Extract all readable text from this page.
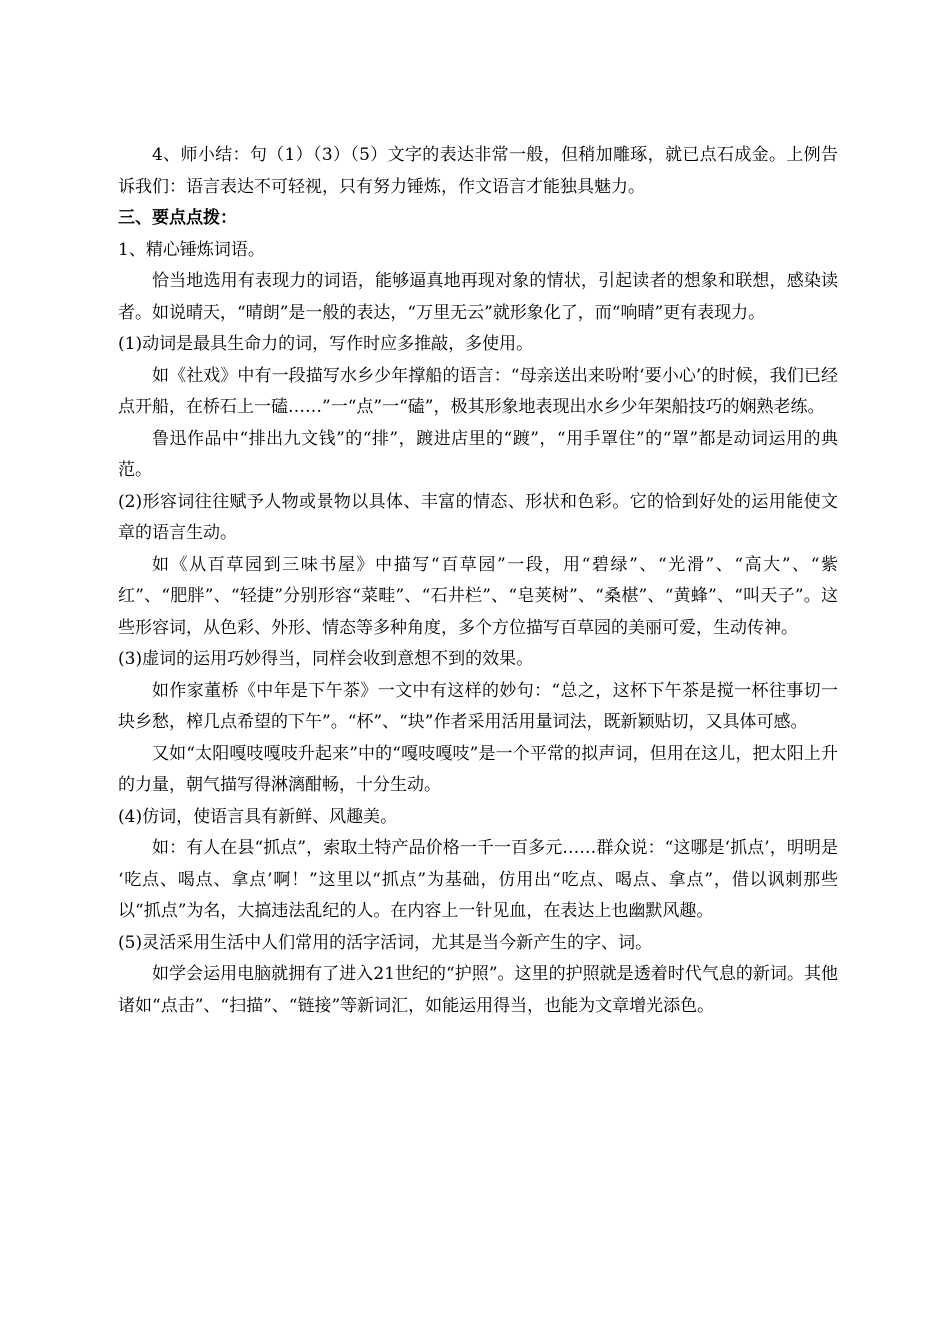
4、师小结：句（1）（3）（5）文字的表达非常一般，但稍加雕琢，就已点石成金。上例告诉我们：语言表达不可轻视，只有努力锤炼，作文语言才能独具魅力。

三、要点点拨：

1、精心锤炼词语。

恰当地选用有表现力的词语，能够逼真地再现对象的情状，引起读者的想象和联想，感染读者。如说晴天，“晴朗”是一般的表达，“万里无云”就形象化了，而“响晴”更有表现力。

(1)动词是最具生命力的词，写作时应多推敲，多使用。

如《社戏》中有一段描写水乡少年撑船的语言：“母亲送出来吩咐‘要小心’的时候，我们已经点开船，在桥石上一磕……”一“点”一“磕”，极其形象地表现出水乡少年架船技巧的娴熟老练。

鲁迅作品中“排出九文钱”的“排”，踱进店里的“踱”，“用手罩住”的“罩”都是动词运用的典范。

(2)形容词往往赋予人物或景物以具体、丰富的情态、形状和色彩。它的恰到好处的运用能使文章的语言生动。

如《从百草园到三味书屋》中描写“百草园”一段，用“碧绿”、“光滑”、“高大”、“紫红”、“肥胖”、“轻捷”分别形容“菜畦”、“石井栏”、“皂荚树”、“桑椹”、“黄蜂”、“叫天子”。这些形容词，从色彩、外形、情态等多种角度，多个方位描写百草园的美丽可爱，生动传神。

(3)虚词的运用巧妙得当，同样会收到意想不到的效果。

如作家董桥《中年是下午茶》一文中有这样的妙句：“总之，这杯下午茶是搅一杯往事切一块乡愁，榨几点希望的下午”。“杯”、“块”作者采用活用量词法，既新颖贴切，又具体可感。

又如“太阳嘎吱嘎吱升起来”中的“嘎吱嘎吱”是一个平常的拟声词，但用在这儿，把太阳上升的力量，朝气描写得淋漓酣畅，十分生动。

(4)仿词，使语言具有新鲜、风趣美。

如：有人在县“抓点”，索取土特产品价格一千一百多元……群众说：“这哪是‘抓点’，明明是 ‘吃点、喝点、拿点’啊！”这里以“抓点”为基础，仿用出“吃点、喝点、拿点”，借以讽刺那些以“抓点”为名，大搞违法乱纪的人。在内容上一针见血，在表达上也幽默风趣。

(5)灵活采用生活中人们常用的活字活词，尤其是当今新产生的字、词。

如学会运用电脑就拥有了进入21世纪的“护照”。这里的护照就是透着时代气息的新词。其他诸如“点击”、“扫描”、“链接”等新词汇，如能运用得当，也能为文章增光添色。
